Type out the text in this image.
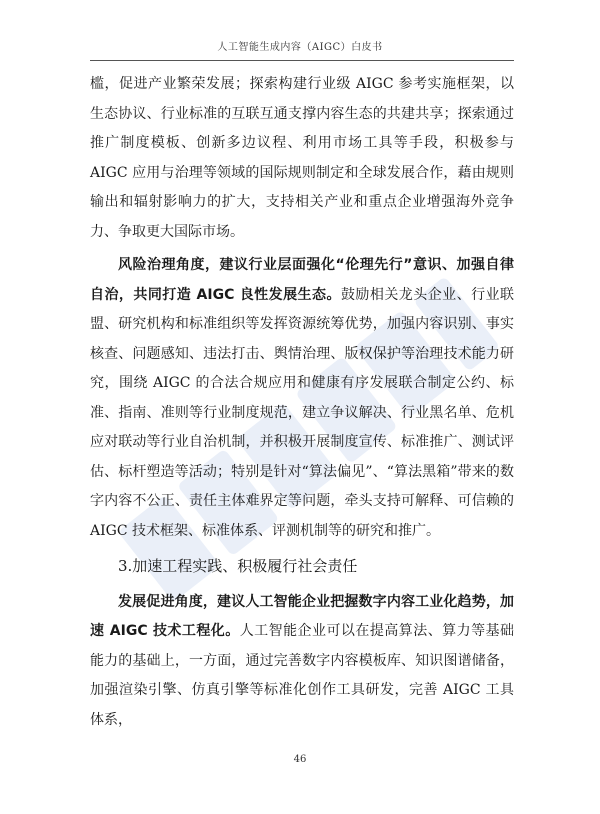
人工智能生成内容（AIGC）白皮书

槛，促进产业繁荣发展；探索构建行业级 AIGC 参考实施框架，以生态协议、行业标准的互联互通支撑内容生态的共建共享；探索通过推广制度模板、创新多边议程、利用市场工具等手段，积极参与 AIGC 应用与治理等领域的国际规则制定和全球发展合作，藉由规则输出和辐射影响力的扩大，支持相关产业和重点企业增强海外竞争力、争取更大国际市场。

风险治理角度，建议行业层面强化“伦理先行”意识、加强自律自治，共同打造 AIGC 良性发展生态。鼓励相关龙头企业、行业联盟、研究机构和标准组织等发挥资源统筹优势，加强内容识别、事实核查、问题感知、违法打击、舆情治理、版权保护等治理技术能力研究，围绕 AIGC 的合法合规应用和健康有序发展联合制定公约、标准、指南、准则等行业制度规范，建立争议解决、行业黑名单、危机应对联动等行业自治机制，并积极开展制度宣传、标准推广、测试评估、标杆塑造等活动；特别是针对“算法偏见”、“算法黑箱”带来的数字内容不公正、责任主体难界定等问题，牵头支持可解释、可信赖的 AIGC 技术框架、标准体系、评测机制等的研究和推广。

3.加速工程实践、积极履行社会责任

发展促进角度，建议人工智能企业把握数字内容工业化趋势，加速 AIGC 技术工程化。人工智能企业可以在提高算法、算力等基础能力的基础上，一方面，通过完善数字内容模板库、知识图谱储备，加强渲染引擎、仿真引擎等标准化创作工具研发，完善 AIGC 工具体系，

46
